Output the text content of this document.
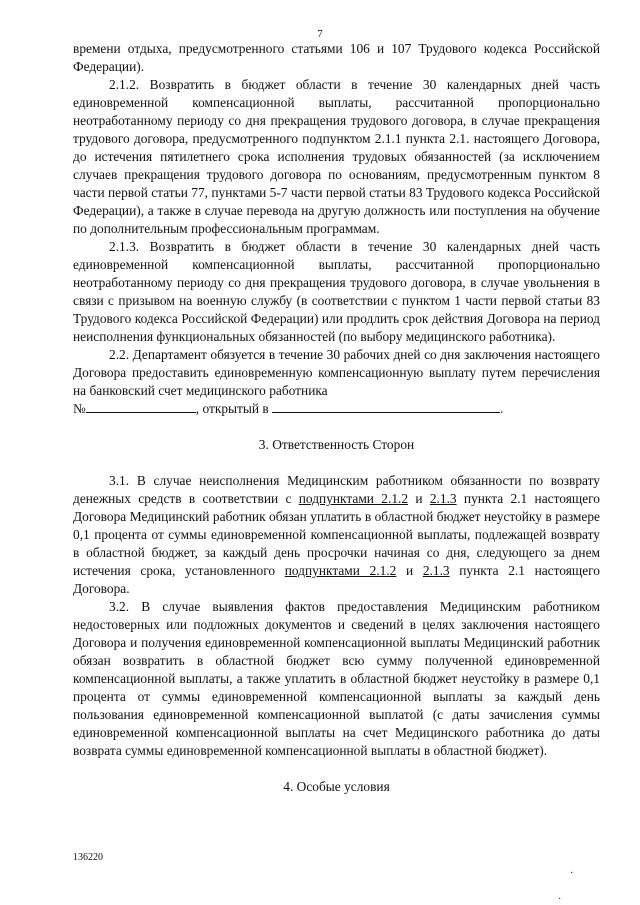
7

времени отдыха, предусмотренного статьями 106 и 107 Трудового кодекса Российской Федерации).

2.1.2. Возвратить в бюджет области в течение 30 календарных дней часть единовременной компенсационной выплаты, рассчитанной пропорционально неотработанному периоду со дня прекращения трудового договора, в случае прекращения трудового договора, предусмотренного подпунктом 2.1.1 пункта 2.1. настоящего Договора, до истечения пятилетнего срока исполнения трудовых обязанностей (за исключением случаев прекращения трудового договора по основаниям, предусмотренным пунктом 8 части первой статьи 77, пунктами 5-7 части первой статьи 83 Трудового кодекса Российской Федерации), а также в случае перевода на другую должность или поступления на обучение по дополнительным профессиональным программам.

2.1.3. Возвратить в бюджет области в течение 30 календарных дней часть единовременной компенсационной выплаты, рассчитанной пропорционально неотработанному периоду со дня прекращения трудового договора, в случае увольнения в связи с призывом на военную службу (в соответствии с пунктом 1 части первой статьи 83 Трудового кодекса Российской Федерации) или продлить срок действия Договора на период неисполнения функциональных обязанностей (по выбору медицинского работника).

2.2. Департамент обязуется в течение 30 рабочих дней со дня заключения настоящего Договора предоставить единовременную компенсационную выплату путем перечисления на банковский счет медицинского работника
№	, открытый в	.

3. Ответственность Сторон

3.1. В случае неисполнения Медицинским работником обязанности по возврату денежных средств в соответствии с подпунктами 2.1.2 и 2.1.3 пункта 2.1 настоящего Договора Медицинский работник обязан уплатить в областной бюджет неустойку в размере 0,1 процента от суммы единовременной компенсационной выплаты, подлежащей возврату в областной бюджет, за каждый день просрочки начиная со дня, следующего за днем истечения срока, установленного подпунктами 2.1.2 и 2.1.3 пункта 2.1 настоящего Договора.

3.2. В случае выявления фактов предоставления Медицинским работником недостоверных или подложных документов и сведений в целях заключения настоящего Договора и получения единовременной компенсационной выплаты Медицинский работник обязан возвратить в областной бюджет всю сумму полученной единовременной компенсационной выплаты, а также уплатить в областной бюджет неустойку в размере 0,1 процента от суммы единовременной компенсационной выплаты за каждый день пользования единовременной компенсационной выплатой (с даты зачисления суммы единовременной компенсационной выплаты на счет Медицинского работника до даты возврата суммы единовременной компенсационной выплаты в областной бюджет).

4. Особые условия

136220
·
·
